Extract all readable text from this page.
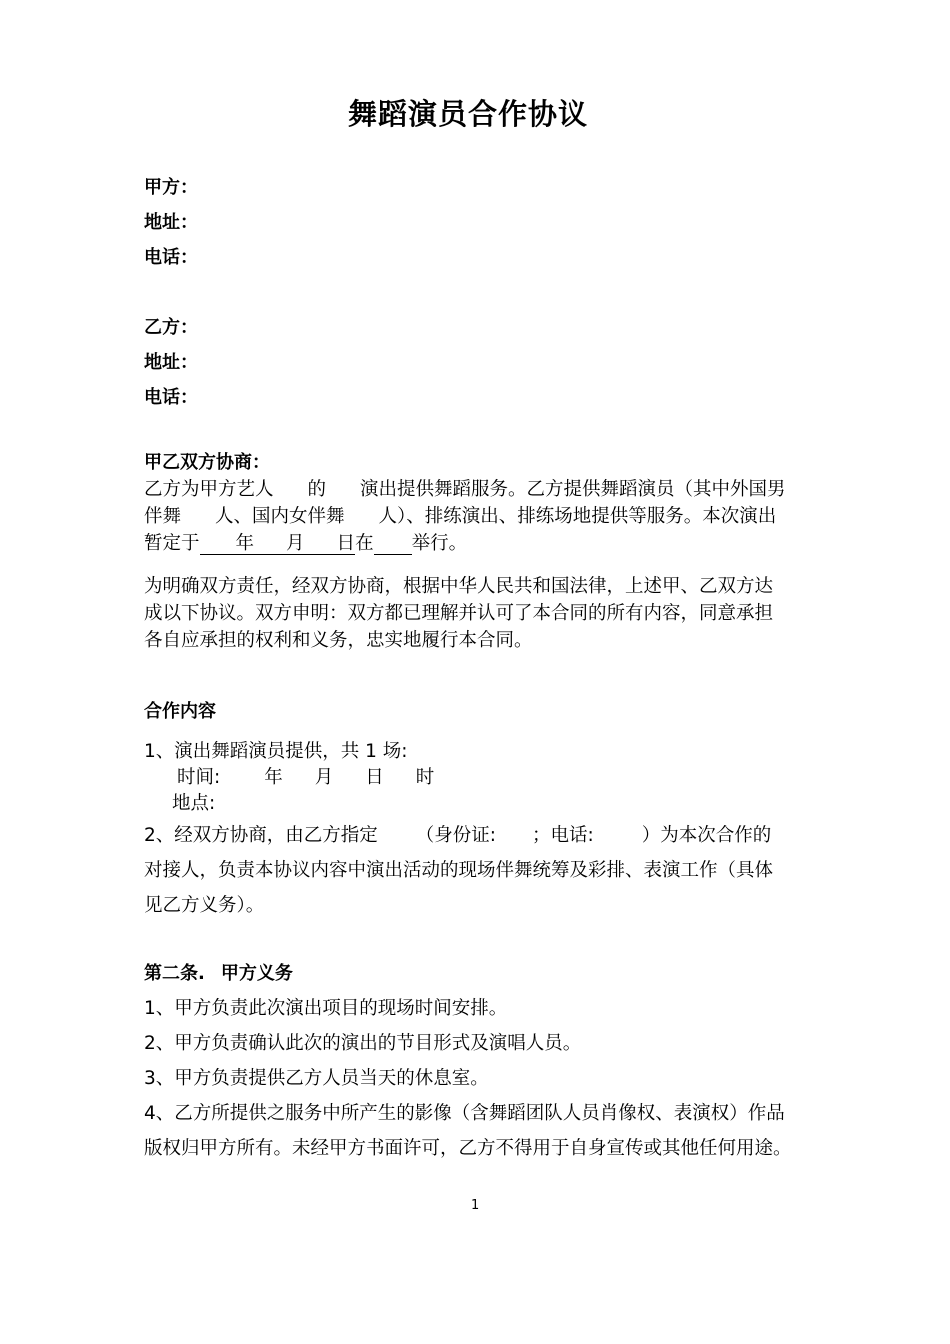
舞蹈演员合作协议
甲方：
地址：
电话：
乙方：
地址：
电话：
甲乙双方协商：
乙方为甲方艺人 的 演出提供舞蹈服务。乙方提供舞蹈演员（其中外国男
伴舞 人、国内女伴舞 人）、排练演出、排练场地提供等服务。本次演出
暂定于 年 月 日在 举行。
为明确双方责任，经双方协商，根据中华人民共和国法律，上述甲、乙双方达
成以下协议。双方申明：双方都已理解并认可了本合同的所有内容，同意承担
各自应承担的权利和义务，忠实地履行本合同。
合作内容
1、演出舞蹈演员提供，共 1 场:
时间: 年 月 日 时
地点:
2、经双方协商，由乙方指定 （身份证: ；电话:	）为本次合作的
对接人，负责本协议内容中演出活动的现场伴舞统筹及彩排、表演工作（具体
见乙方义务）。
第二条. 甲方义务
1、甲方负责此次演出项目的现场时间安排。
2、甲方负责确认此次的演出的节目形式及演唱人员。
3、甲方负责提供乙方人员当天的休息室。
4、乙方所提供之服务中所产生的影像（含舞蹈团队人员肖像权、表演权）作品
版权归甲方所有。未经甲方书面许可，乙方不得用于自身宣传或其他任何用途。
1
